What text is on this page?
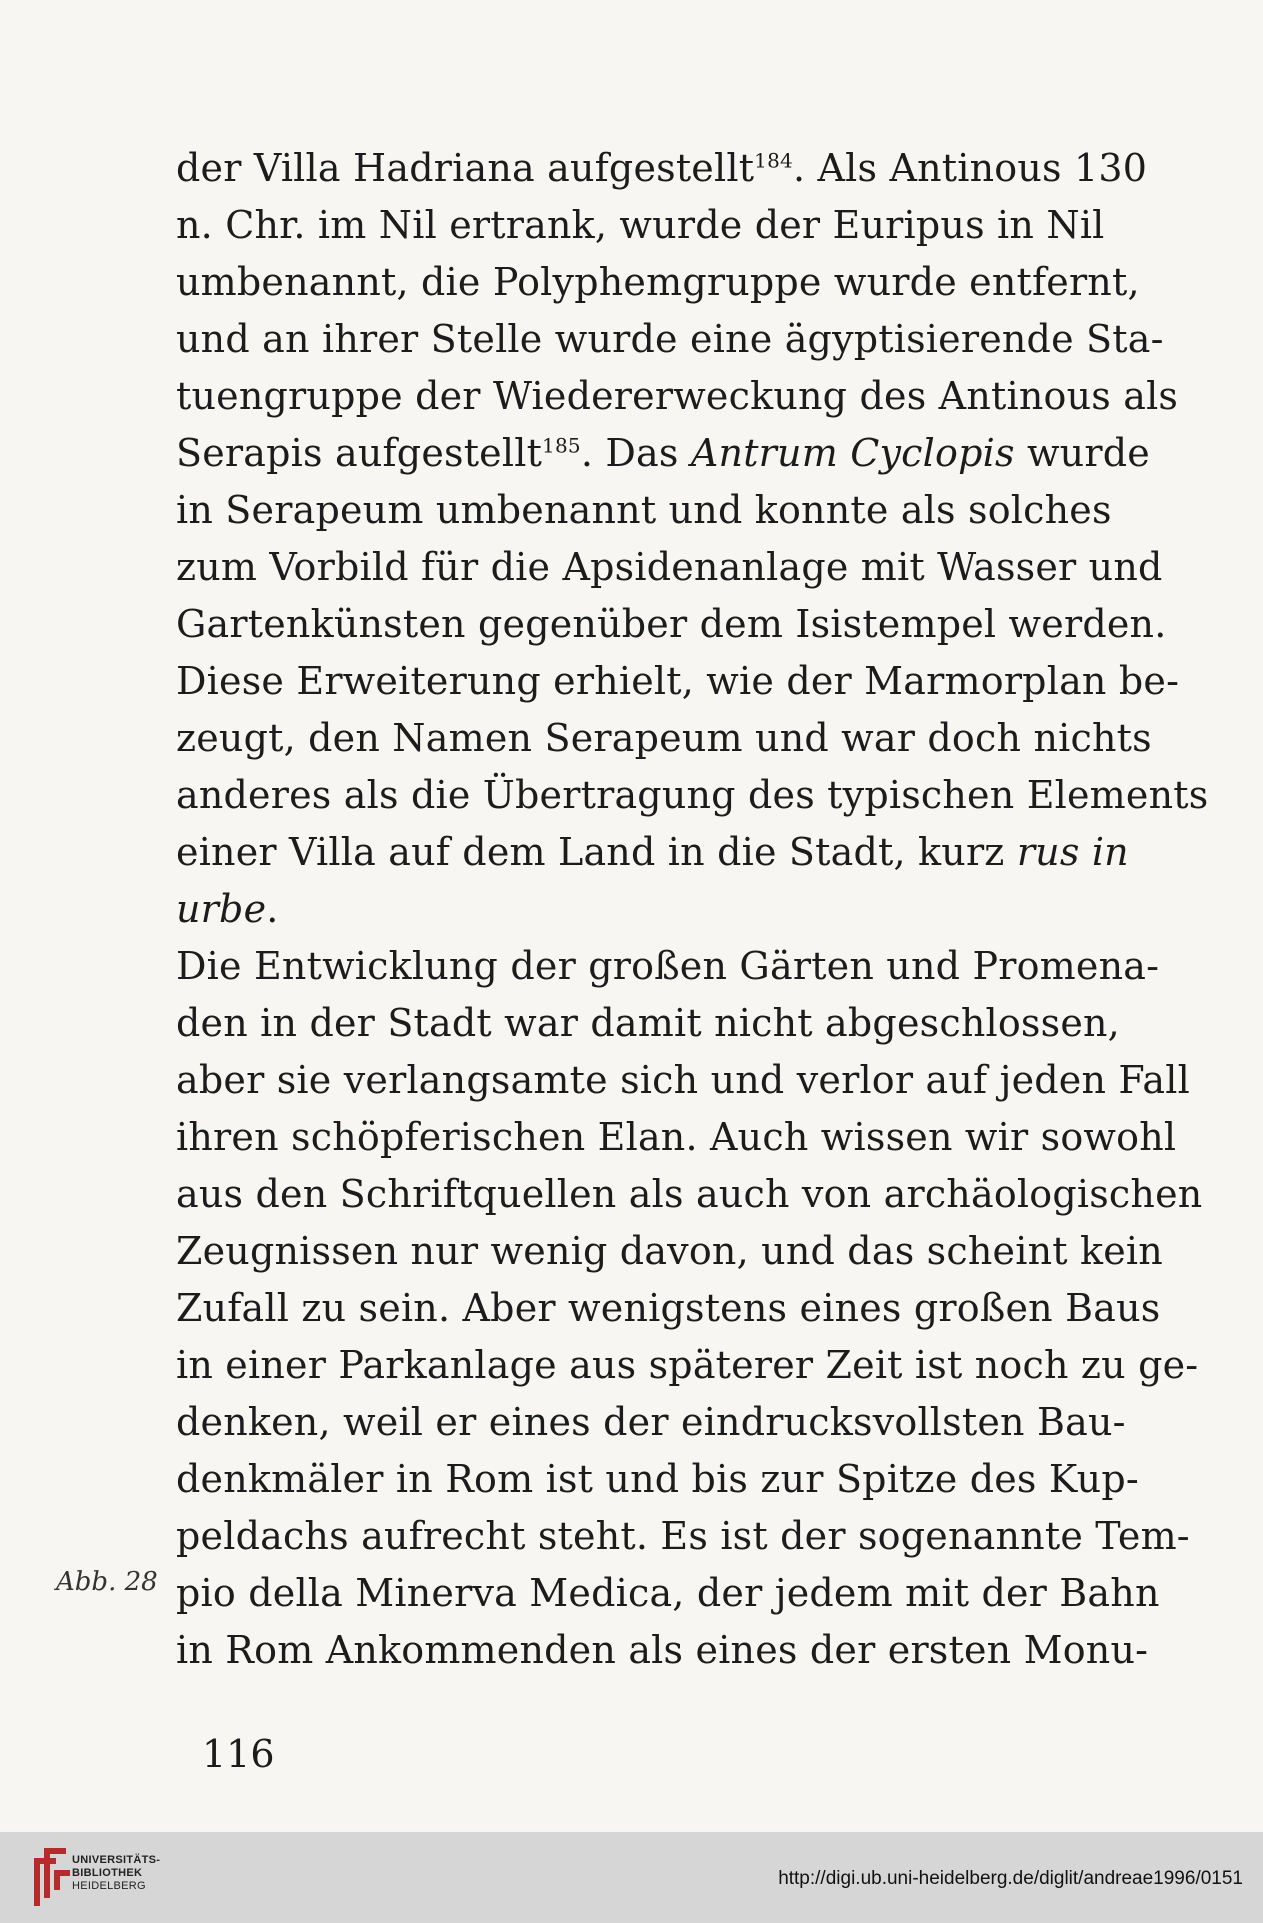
der Villa Hadriana aufgestellt$^{184}$. Als Antinous 130
n. Chr. im Nil ertrank, wurde der Euripus in Nil
umbenannt, die Polyphemgruppe wurde entfernt,
und an ihrer Stelle wurde eine ägyptisierende Sta-
tuengruppe der Wiedererweckung des Antinous als
Serapis aufgestellt$^{185}$. Das Antrum Cyclopis wurde
in Serapeum umbenannt und konnte als solches
zum Vorbild für die Apsidenanlage mit Wasser und
Gartenkünsten gegenüber dem Isistempel werden.
Diese Erweiterung erhielt, wie der Marmorplan be-
zeugt, den Namen Serapeum und war doch nichts
anderes als die Übertragung des typischen Elements
einer Villa auf dem Land in die Stadt, kurz rus in
urbe.
Die Entwicklung der großen Gärten und Promena-
den in der Stadt war damit nicht abgeschlossen,
aber sie verlangsamte sich und verlor auf jeden Fall
ihren schöpferischen Elan. Auch wissen wir sowohl
aus den Schriftquellen als auch von archäologischen
Zeugnissen nur wenig davon, und das scheint kein
Zufall zu sein. Aber wenigstens eines großen Baus
in einer Parkanlage aus späterer Zeit ist noch zu ge-
denken, weil er eines der eindrucksvollsten Bau-
denkmäler in Rom ist und bis zur Spitze des Kup-
peldachs aufrecht steht. Es ist der sogenannte Tem-
pio della Minerva Medica, der jedem mit der Bahn
in Rom Ankommenden als eines der ersten Monu-
Abb. 28
116
UNIVERSITÄTS-
BIBLIOTHEK
HEIDELBERG	http://digi.ub.uni-heidelberg.de/diglit/andreae1996/0151
